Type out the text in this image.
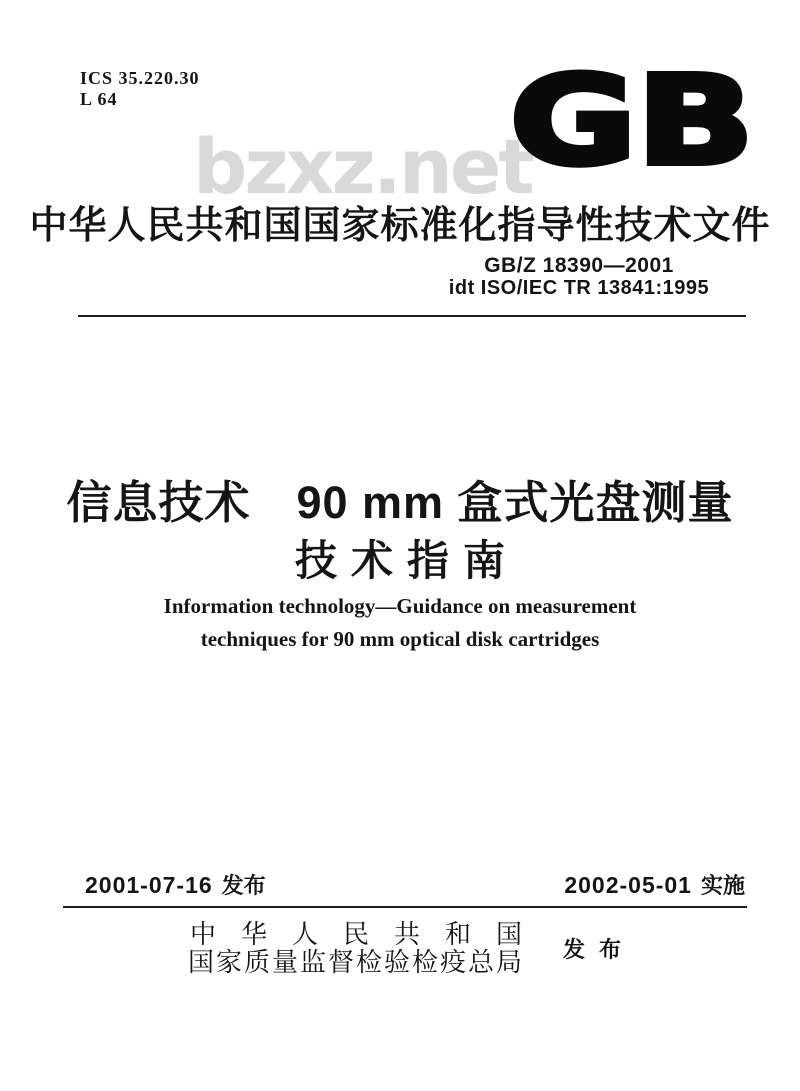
bzxz.net
ICS 35.220.30
L 64	GB
中华人民共和国国家标准化指导性技术文件
GB/Z 18390—2001
idt ISO/IEC TR 13841:1995
信息技术　90 mm 盒式光盘测量
技术指南
Information technology—Guidance on measurement
techniques for 90 mm optical disk cartridges
2001-07-16 发布	2002-05-01 实施
中华人民共和国
国家质量监督检验检疫总局	发布
